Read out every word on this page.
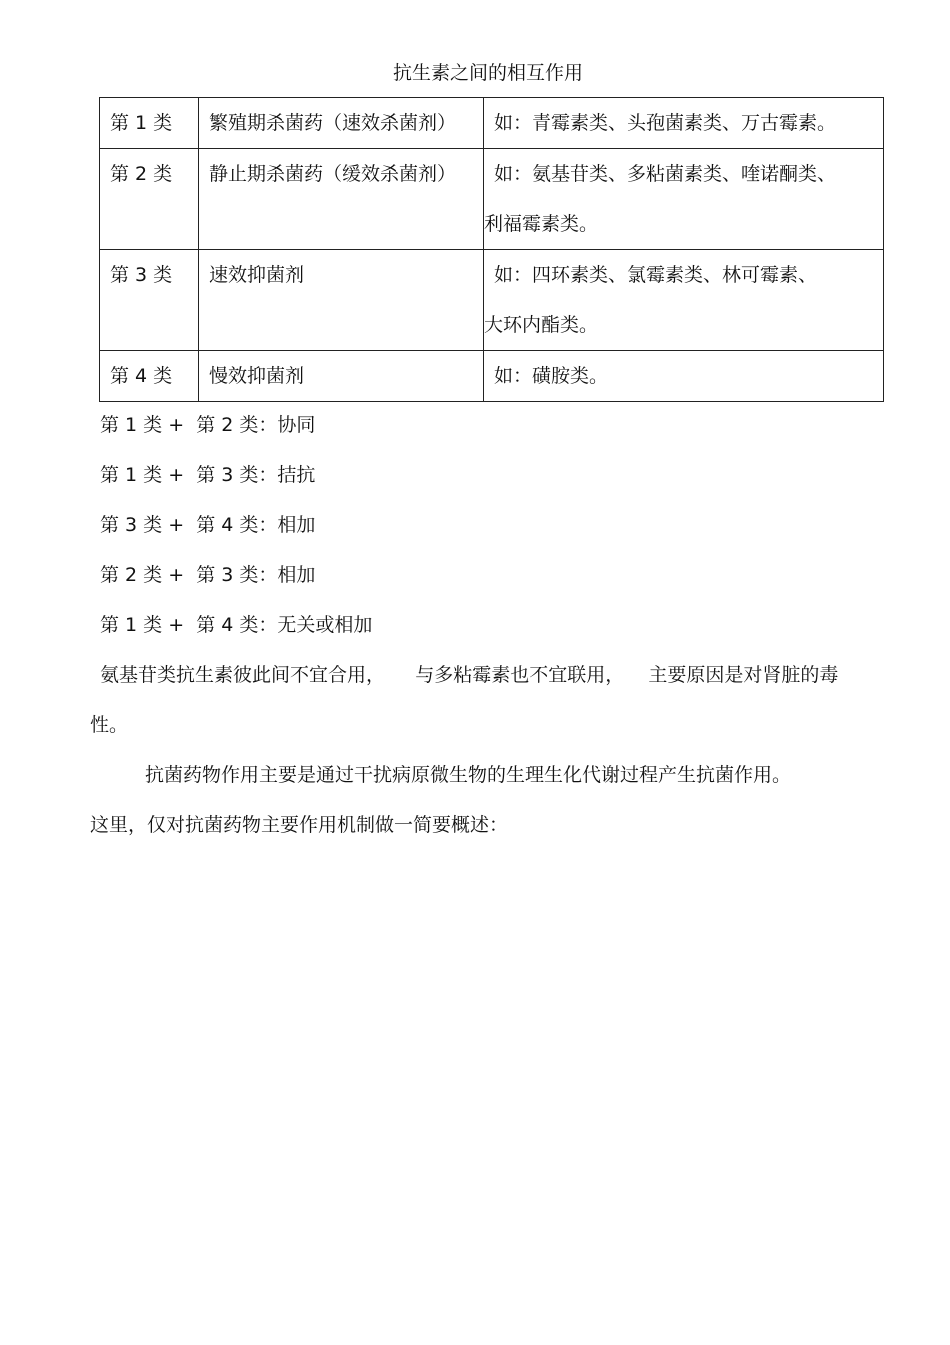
抗生素之间的相互作用
第 1 类	繁殖期杀菌药（速效杀菌剂）	如：青霉素类、头孢菌素类、万古霉素。

第 2 类	静止期杀菌药（缓效杀菌剂）	如：氨基苷类、多粘菌素类、喹诺酮类、
利福霉素类。

第 3 类	速效抑菌剂	如：四环素类、氯霉素类、林可霉素、
大环内酯类。

第 4 类	慢效抑菌剂	如：磺胺类。
第 1 类 +  第 2 类：协同
第 1 类 +  第 3 类：拮抗
第 3 类 +  第 4 类：相加
第 2 类 +  第 3 类：相加
第 1 类 +  第 4 类：无关或相加
氨基苷类抗生素彼此间不宜合用，     与多粘霉素也不宜联用，    主要原因是对肾脏的毒
性。
抗菌药物作用主要是通过干扰病原微生物的生理生化代谢过程产生抗菌作用。
这里，仅对抗菌药物主要作用机制做一简要概述：
